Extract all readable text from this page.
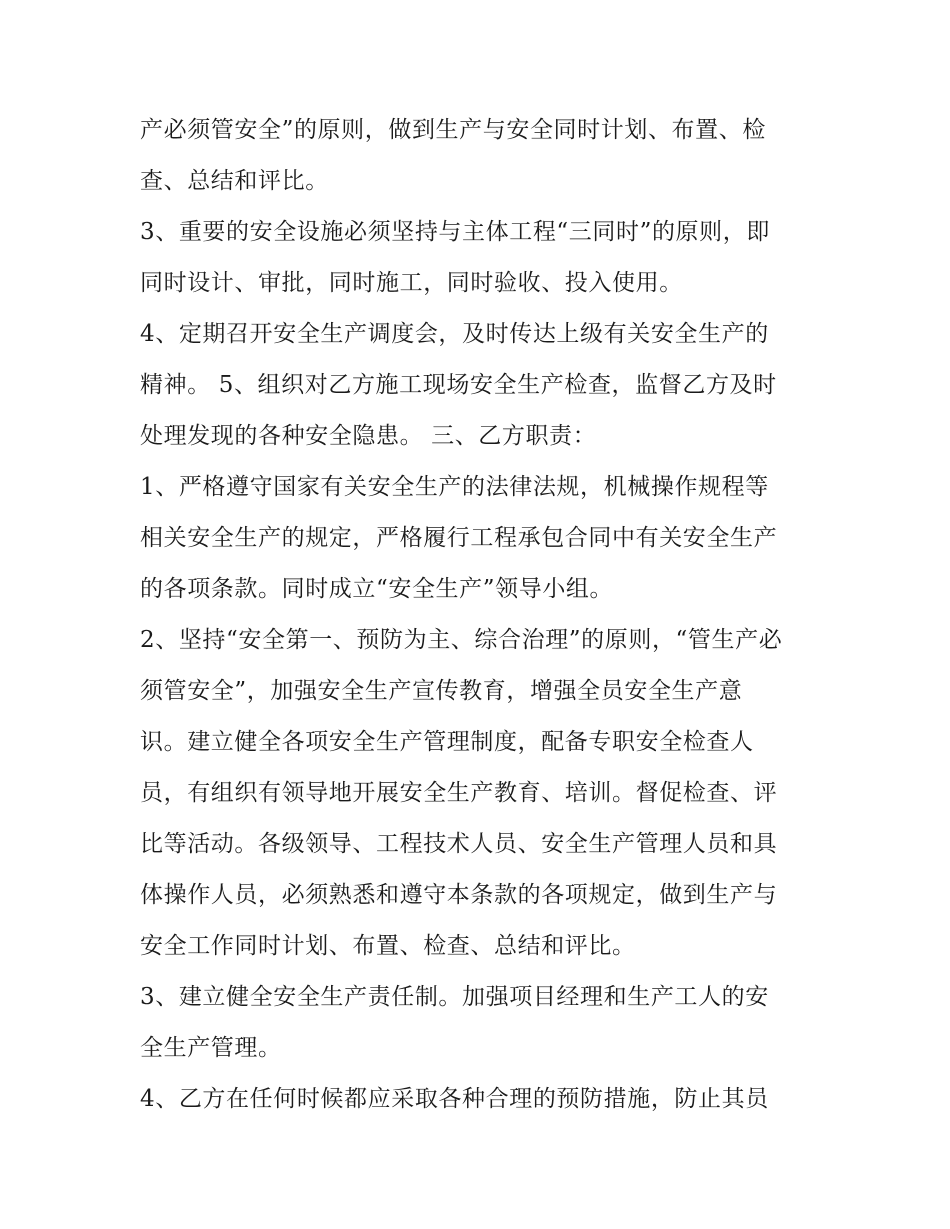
产必须管安全”的原则，做到生产与安全同时计划、布置、检
查、总结和评比。
3、重要的安全设施必须坚持与主体工程“三同时”的原则，即
同时设计、审批，同时施工，同时验收、投入使用。
4、定期召开安全生产调度会，及时传达上级有关安全生产的
精神。 5、组织对乙方施工现场安全生产检查，监督乙方及时
处理发现的各种安全隐患。 三、乙方职责：
1、严格遵守国家有关安全生产的法律法规，机械操作规程等
相关安全生产的规定，严格履行工程承包合同中有关安全生产
的各项条款。同时成立“安全生产”领导小组。
2、坚持“安全第一、预防为主、综合治理”的原则，“管生产必
须管安全”，加强安全生产宣传教育，增强全员安全生产意
识。建立健全各项安全生产管理制度，配备专职安全检查人
员，有组织有领导地开展安全生产教育、培训。督促检查、评
比等活动。各级领导、工程技术人员、安全生产管理人员和具
体操作人员，必须熟悉和遵守本条款的各项规定，做到生产与
安全工作同时计划、布置、检查、总结和评比。
3、建立健全安全生产责任制。加强项目经理和生产工人的安
全生产管理。
4、乙方在任何时候都应采取各种合理的预防措施，防止其员
